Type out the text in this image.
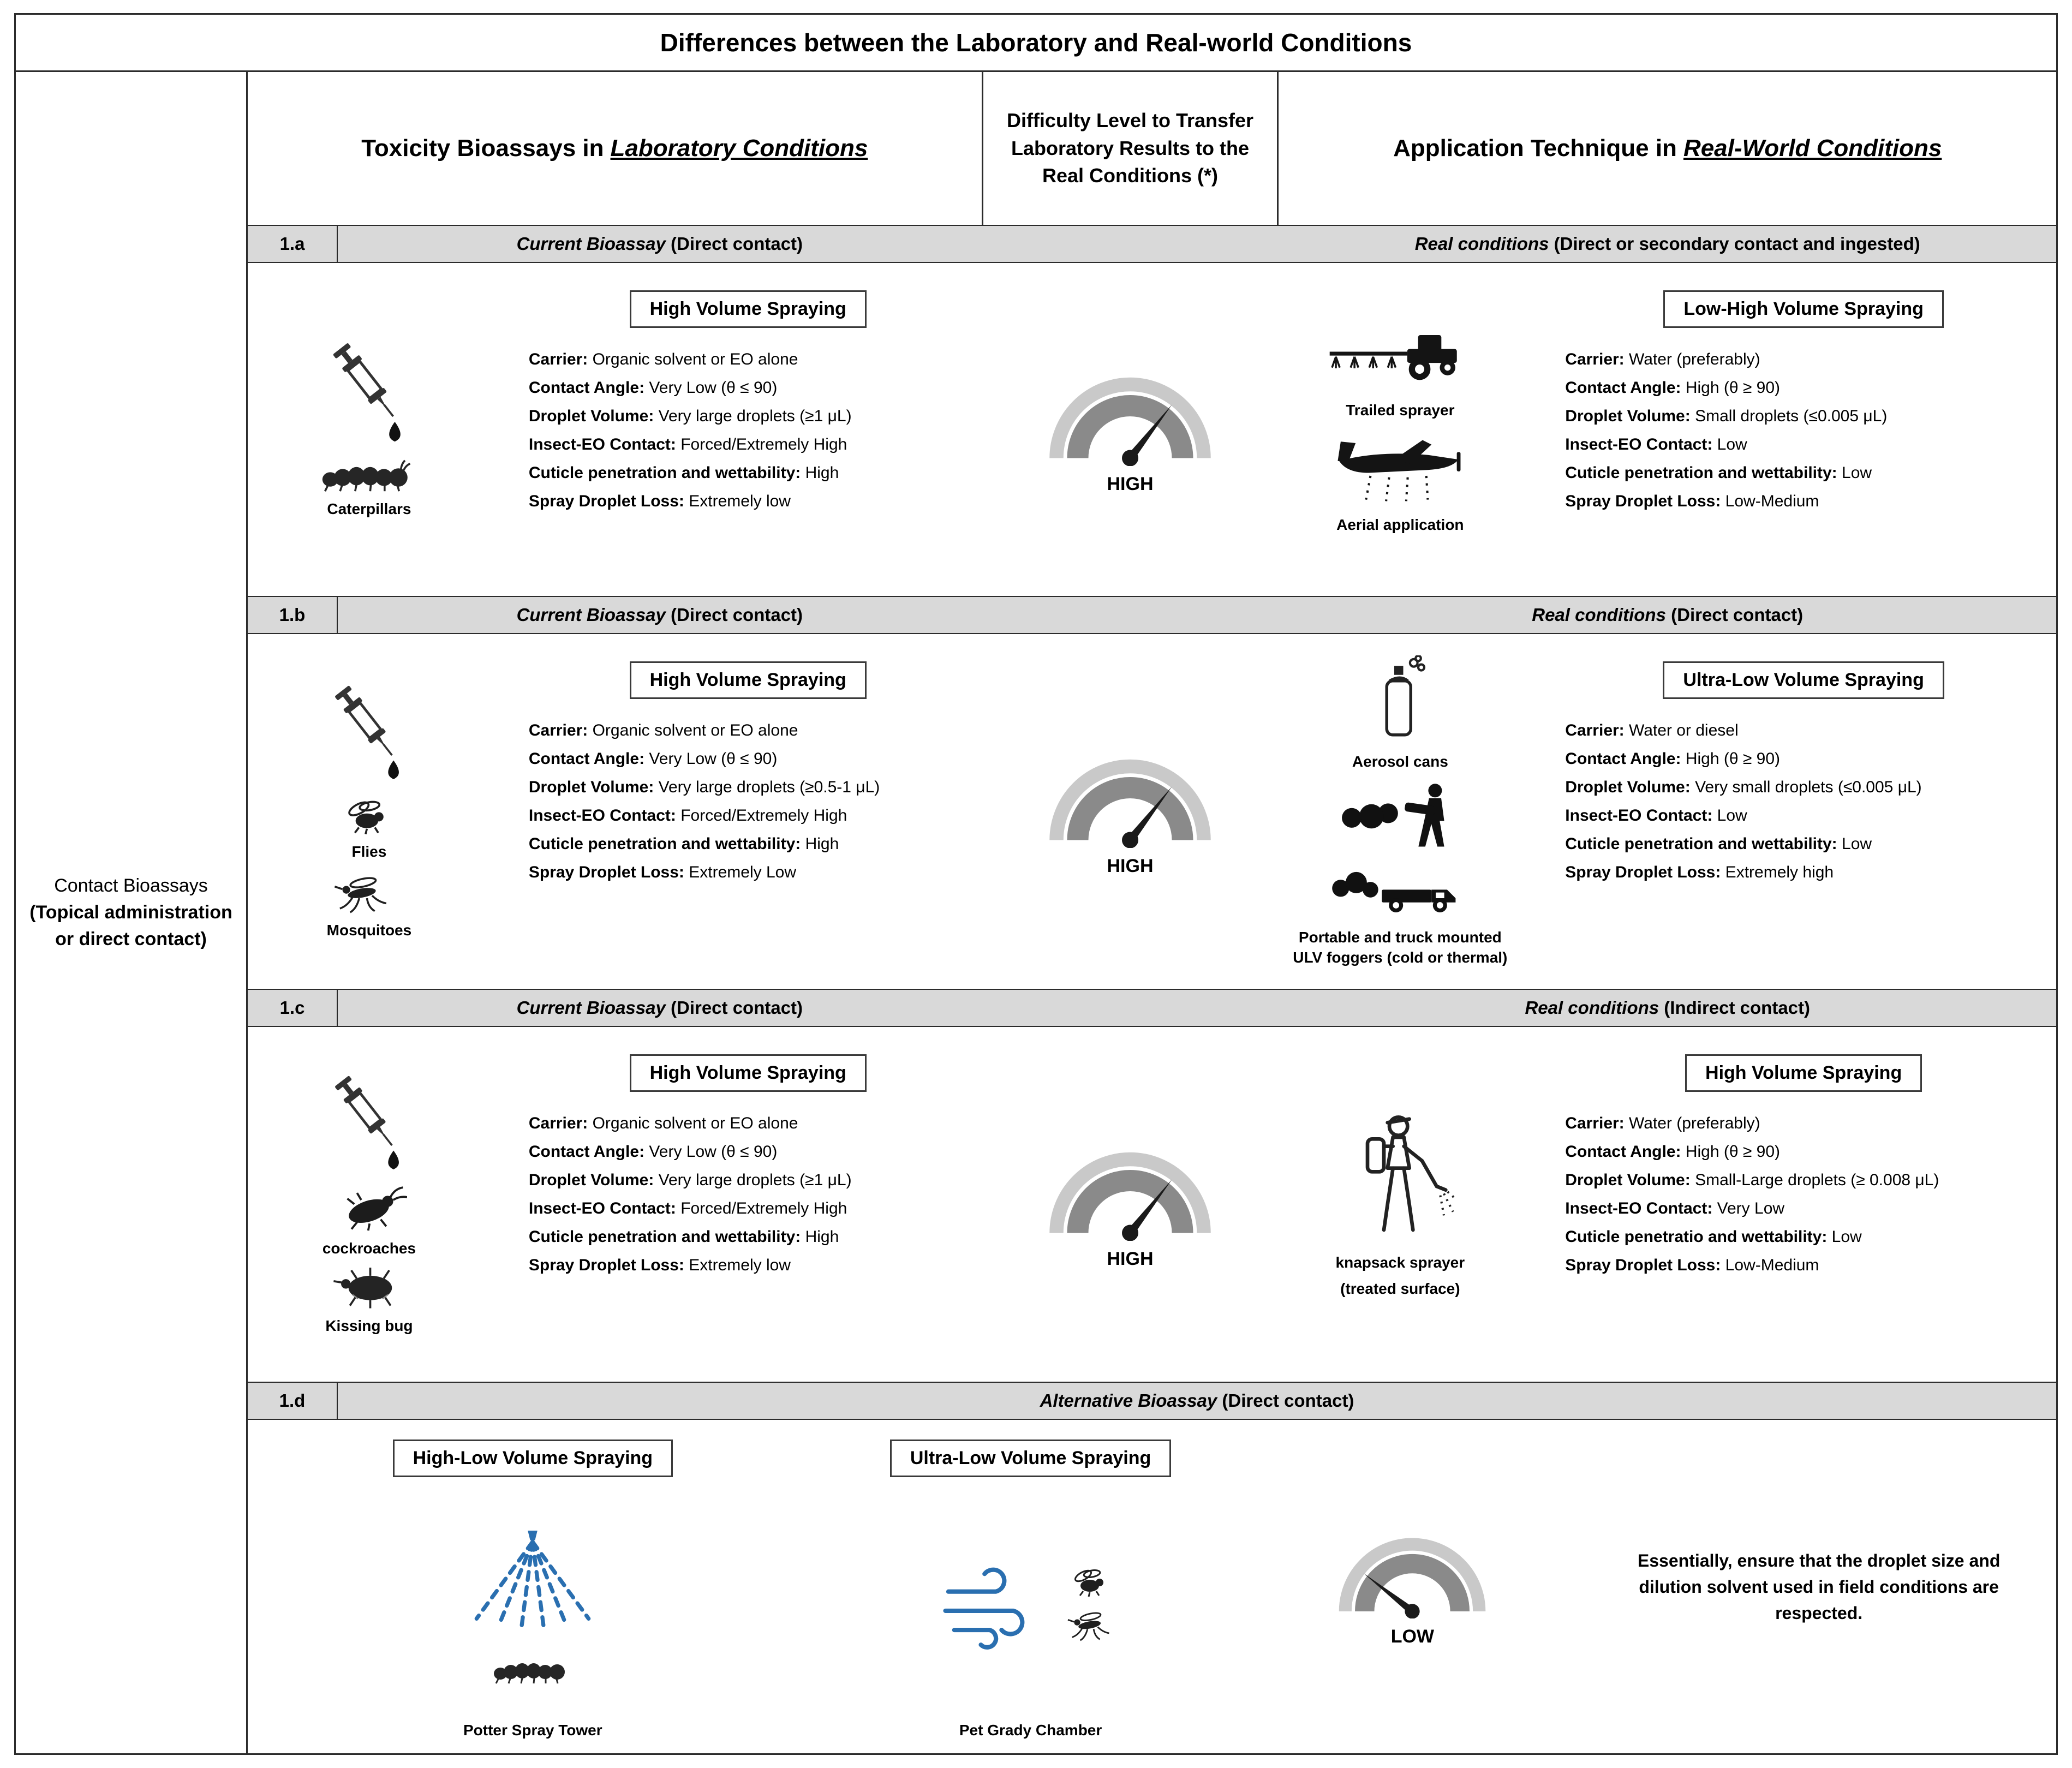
Differences between the Laboratory and Real-world Conditions
Contact Bioassays
(Topical administration or direct contact)
Toxicity Bioassays in Laboratory Conditions
Difficulty Level to Transfer Laboratory Results to the Real Conditions (*)
Application Technique in Real-World Conditions
1.a	Current Bioassay (Direct contact)	Real conditions (Direct or secondary contact and ingested)
Caterpillars
High Volume Spraying
Carrier: Organic solvent or EO alone
Contact Angle: Very Low (θ ≤ 90)
Droplet Volume: Very large droplets (≥1 μL)
Insect-EO Contact: Forced/Extremely High
Cuticle penetration and wettability: High
Spray Droplet Loss: Extremely low
HIGH
Trailed sprayer
Aerial application
Low-High Volume Spraying
Carrier: Water (preferably)
Contact Angle: High (θ ≥ 90)
Droplet Volume: Small droplets (≤0.005 μL)
Insect-EO Contact: Low
Cuticle penetration and wettability: Low
Spray Droplet Loss: Low-Medium
1.b	Current Bioassay (Direct contact)	Real conditions (Direct contact)
Flies
Mosquitoes
High Volume Spraying
Carrier: Organic solvent or EO alone
Contact Angle: Very Low (θ ≤ 90)
Droplet Volume: Very large droplets (≥0.5-1 μL)
Insect-EO Contact: Forced/Extremely High
Cuticle penetration and wettability: High
Spray Droplet Loss: Extremely Low	HIGH
Aerosol cans
Portable and truck mounted ULV foggers (cold or thermal)
Ultra-Low Volume Spraying
Carrier: Water or diesel
Contact Angle: High (θ ≥ 90)
Droplet Volume: Very small droplets (≤0.005 μL)
Insect-EO Contact: Low
Cuticle penetration and wettability: Low
Spray Droplet Loss: Extremely high
1.c	Current Bioassay (Direct contact)	Real conditions (Indirect contact)
cockroaches
Kissing bug
High Volume Spraying
Carrier: Organic solvent or EO alone
Contact Angle: Very Low (θ ≤ 90)
Droplet Volume: Very large droplets (≥1 μL)
Insect-EO Contact: Forced/Extremely High
Cuticle penetration and wettability: High
Spray Droplet Loss: Extremely low	HIGH	knapsack sprayer
(treated surface)
High Volume Spraying
Carrier: Water (preferably)
Contact Angle: High (θ ≥ 90)
Droplet Volume: Small-Large droplets (≥ 0.008 μL)
Insect-EO Contact: Very Low
Cuticle penetratio and wettability: Low
Spray Droplet Loss: Low-Medium
1.d	Alternative Bioassay (Direct contact)
High-Low Volume Spraying
Potter Spray Tower
Ultra-Low Volume Spraying
Pet Grady Chamber
LOW
Essentially, ensure that the droplet size and dilution solvent used in field conditions are respected.
